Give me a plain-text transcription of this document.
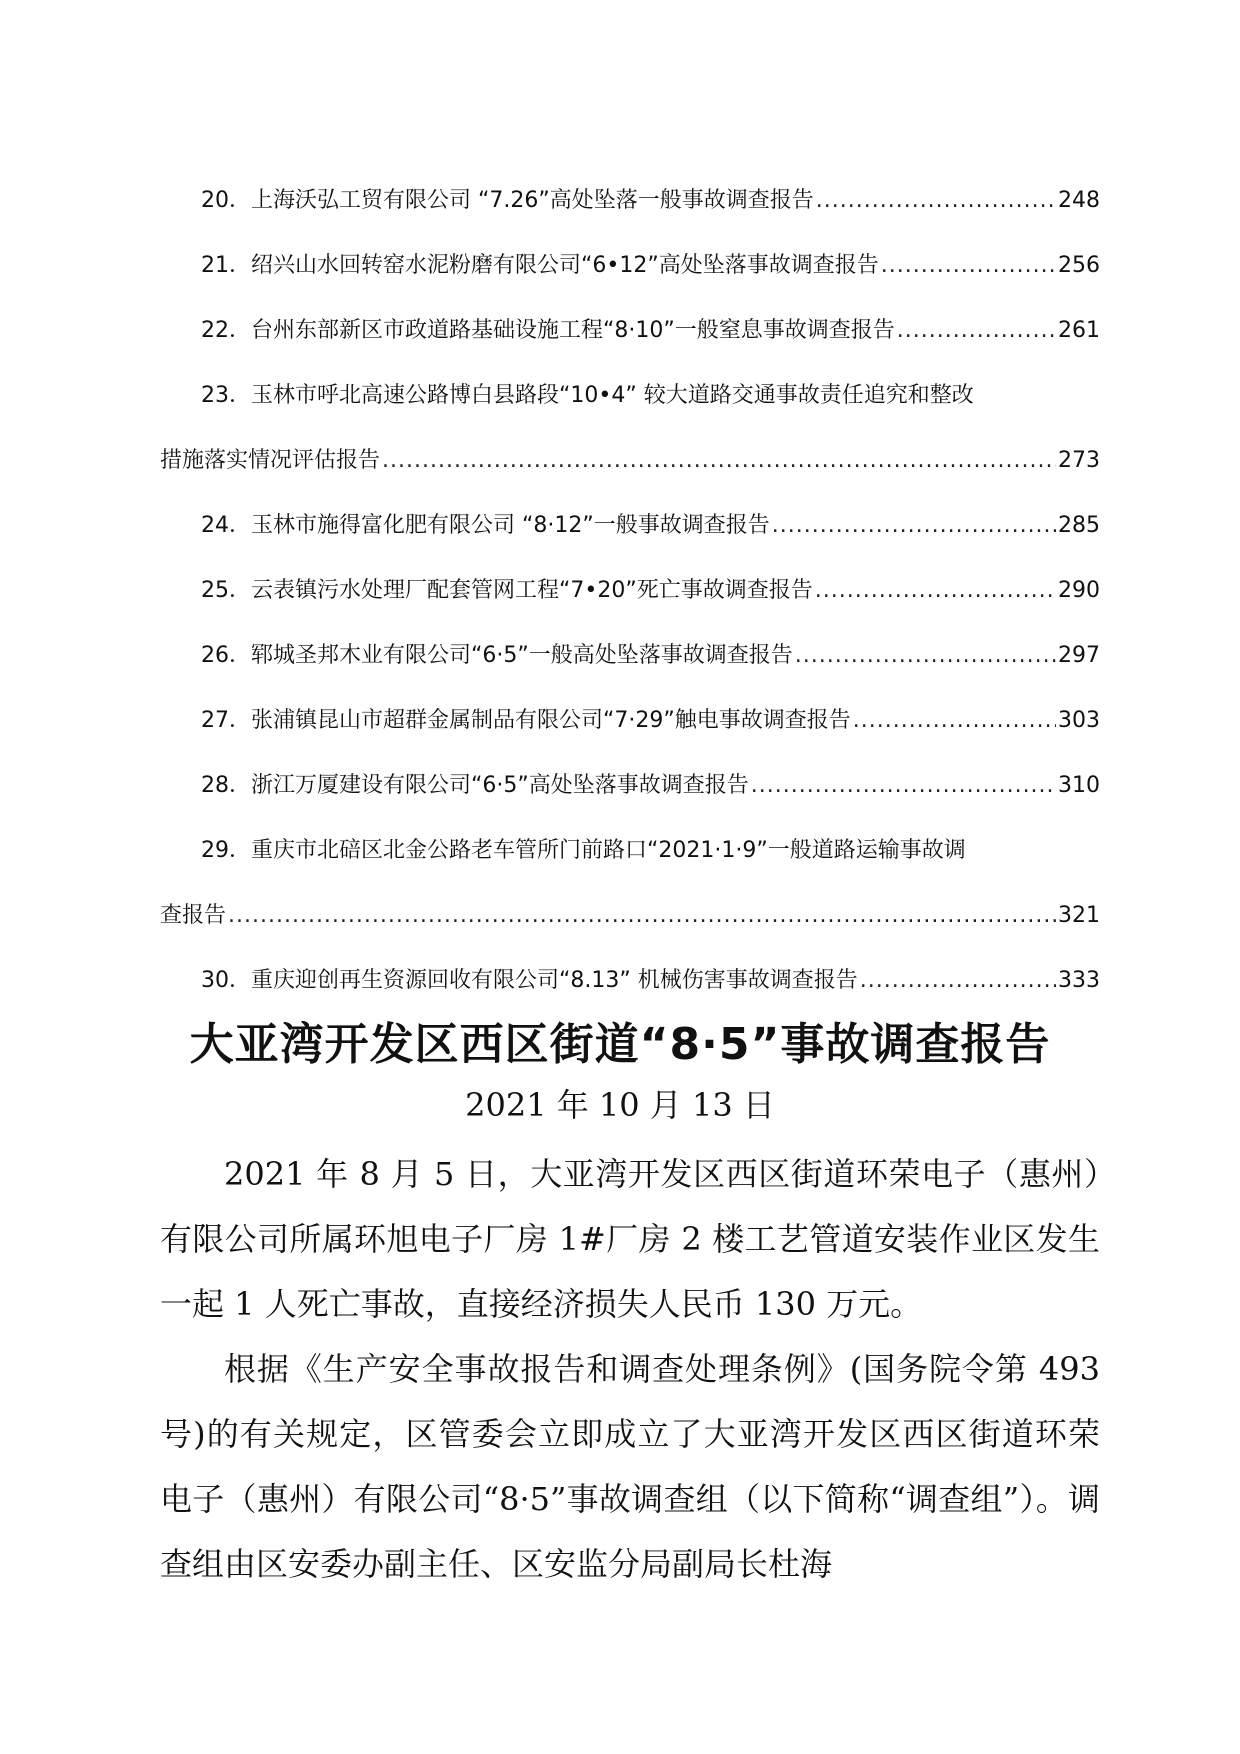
20．上海沃弘工贸有限公司 “7.26”高处坠落一般事故调查报告 .....	248
21．绍兴山水回转窑水泥粉磨有限公司“6•12”高处坠落事故调查报告 .....	256
22．台州东部新区市政道路基础设施工程“8·10”一般窒息事故调查报告 .....	261
23．玉林市呼北高速公路博白县路段“10•4” 较大道路交通事故责任追究和整改
措施落实情况评估报告 .....	273
24．玉林市施得富化肥有限公司 “8·12”一般事故调查报告 .....	285
25．云表镇污水处理厂配套管网工程“7•20”死亡事故调查报告 .....	290
26．郓城圣邦木业有限公司“6·5”一般高处坠落事故调查报告 .....	297
27．张浦镇昆山市超群金属制品有限公司“7·29”触电事故调查报告 .....	303
28．浙江万厦建设有限公司“6·5”高处坠落事故调查报告 .....	310
29．重庆市北碚区北金公路老车管所门前路口“2021·1·9”一般道路运输事故调
查报告 .....	321
30．重庆迎创再生资源回收有限公司“8.13” 机械伤害事故调查报告 .....	333
大亚湾开发区西区街道“8·5”事故调查报告
2021 年 10 月 13 日

2021 年 8 月 5 日，大亚湾开发区西区街道环荣电子（惠州）有限公司所属环旭电子厂房 1#厂房 2 楼工艺管道安装作业区发生一起 1 人死亡事故，直接经济损失人民币 130 万元。

根据《生产安全事故报告和调查处理条例》(国务院令第 493 号)的有关规定，区管委会立即成立了大亚湾开发区西区街道环荣电子（惠州）有限公司“8·5”事故调查组（以下简称“调查组”）。调查组由区安委办副主任、区安监分局副局长杜海
